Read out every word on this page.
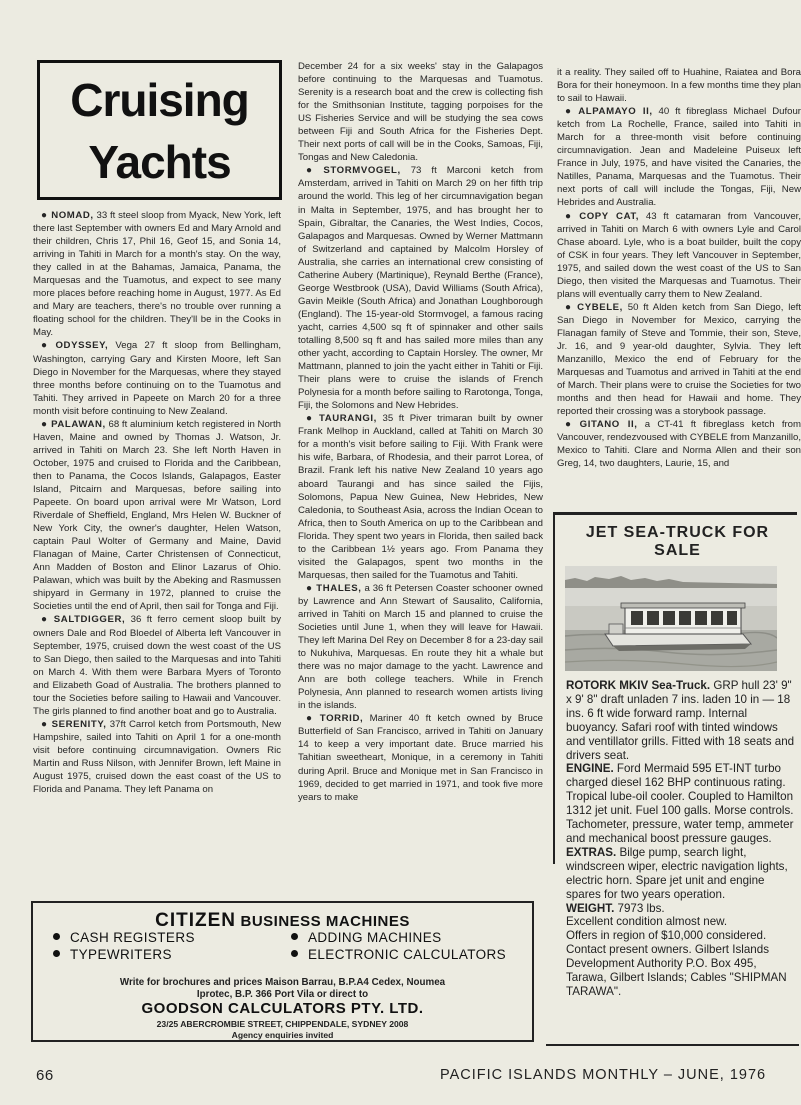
Cruising
Yachts

● NOMAD, 33 ft steel sloop from Myack, New York, left there last September with owners Ed and Mary Arnold and their children, Chris 17, Phil 16, Geof 15, and Sonia 14, arriving in Tahiti in March for a month's stay. On the way, they called in at the Bahamas, Jamaica, Panama, the Marquesas and the Tuamotus, and expect to see many more places before reaching home in August, 1977. As Ed and Mary are teachers, there's no trouble over running a floating school for the children. They'll be in the Cooks in May.

● ODYSSEY, Vega 27 ft sloop from Bellingham, Washington, carrying Gary and Kirsten Moore, left San Diego in November for the Marquesas, where they stayed three months before continuing on to the Tuamotus and Tahiti. They arrived in Papeete on March 20 for a three month visit before continuing to New Zealand.

● PALAWAN, 68 ft aluminium ketch registered in North Haven, Maine and owned by Thomas J. Watson, Jr. arrived in Tahiti on March 23. She left North Haven in October, 1975 and cruised to Florida and the Caribbean, then to Panama, the Cocos Islands, Galapagos, Easter Island, Pitcairn and Marquesas, before sailing into Papeete. On board upon arrival were Mr Watson, Lord Riverdale of Sheffield, England, Mrs Helen W. Buckner of New York City, the owner's daughter, Helen Watson, captain Paul Wolter of Germany and Maine, David Flanagan of Maine, Carter Christensen of Connecticut, Ann Madden of Boston and Elinor Lazarus of Ohio. Palawan, which was built by the Abeking and Rasmussen shipyard in Germany in 1972, planned to cruise the Societies until the end of April, then sail for Tonga and Fiji.

● SALTDIGGER, 36 ft ferro cement sloop built by owners Dale and Rod Bloedel of Alberta left Vancouver in September, 1975, cruised down the west coast of the US to San Diego, then sailed to the Marquesas and into Tahiti on March 4. With them were Barbara Myers of Toronto and Elizabeth Goad of Australia. The brothers planned to tour the Societies before sailing to Hawaii and Vancouver. The girls planned to find another boat and go to Australia.

● SERENITY, 37ft Carrol ketch from Portsmouth, New Hampshire, sailed into Tahiti on April 1 for a one-month visit before continuing circumnavigation. Owners Ric Martin and Russ Nilson, with Jennifer Brown, left Maine in August 1975, cruised down the east coast of the US to Florida and Panama. They left Panama on

December 24 for a six weeks' stay in the Galapagos before continuing to the Marquesas and Tuamotus. Serenity is a research boat and the crew is collecting fish for the Smithsonian Institute, tagging porpoises for the US Fisheries Service and will be studying the sea cows between Fiji and South Africa for the Fisheries Dept. Their next ports of call will be in the Cooks, Samoas, Fiji, Tongas and New Caledonia.

● STORMVOGEL, 73 ft Marconi ketch from Amsterdam, arrived in Tahiti on March 29 on her fifth trip around the world. This leg of her circumnavigation began in Malta in September, 1975, and has brought her to Spain, Gibraltar, the Canaries, the West Indies, Cocos, Galapagos and Marquesas. Owned by Werner Mattmann of Switzerland and captained by Malcolm Horsley of Australia, she carries an international crew consisting of Catherine Aubery (Martinique), Reynald Berthe (France), George Westbrook (USA), David Williams (South Africa), Gavin Meikle (South Africa) and Jonathan Loughborough (England). The 15-year-old Stormvogel, a famous racing yacht, carries 4,500 sq ft of spinnaker and other sails totalling 8,500 sq ft and has sailed more miles than any other yacht, according to Captain Horsley. The owner, Mr Mattmann, planned to join the yacht either in Tahiti or Fiji. Their plans were to cruise the islands of French Polynesia for a month before sailing to Rarotonga, Tonga, Fiji, the Solomons and New Hebrides.

● TAURANGI, 35 ft Piver trimaran built by owner Frank Melhop in Auckland, called at Tahiti on March 30 for a month's visit before sailing to Fiji. With Frank were his wife, Barbara, of Rhodesia, and their parrot Lorea, of Brazil. Frank left his native New Zealand 10 years ago aboard Taurangi and has since sailed the Fijis, Solomons, Papua New Guinea, New Hebrides, New Caledonia, to Southeast Asia, across the Indian Ocean to Africa, then to South America on up to the Caribbean and Florida. They spent two years in Florida, then sailed back to the Caribbean 1½ years ago. From Panama they visited the Galapagos, spent two months in the Marquesas, then sailed for the Tuamotus and Tahiti.

● THALES, a 36 ft Petersen Coaster schooner owned by Lawrence and Ann Stewart of Sausalito, California, arrived in Tahiti on March 15 and planned to cruise the Societies until June 1, when they will leave for Hawaii. They left Marina Del Rey on December 8 for a 23-day sail to Nukuhiva, Marquesas. En route they hit a whale but there was no major damage to the yacht. Lawrence and Ann are both college teachers. While in French Polynesia, Ann planned to research women artists living in the islands.

● TORRID, Mariner 40 ft ketch owned by Bruce Butterfield of San Francisco, arrived in Tahiti on January 14 to keep a very important date. Bruce married his Tahitian sweetheart, Monique, in a ceremony in Tahiti during April. Bruce and Monique met in San Francisco in 1969, decided to get married in 1971, and took five more years to make

it a reality. They sailed off to Huahine, Raiatea and Bora Bora for their honeymoon. In a few months time they plan to sail to Hawaii.

● ALPAMAYO II, 40 ft fibreglass Michael Dufour ketch from La Rochelle, France, sailed into Tahiti in March for a three-month visit before continuing circumnavigation. Jean and Madeleine Puiseux left France in July, 1975, and have visited the Canaries, the Natilles, Panama, Marquesas and the Tuamotus. Their next ports of call will include the Tongas, Fiji, New Hebrides and Australia.

● COPY CAT, 43 ft catamaran from Vancouver, arrived in Tahiti on March 6 with owners Lyle and Carol Chase aboard. Lyle, who is a boat builder, built the copy of CSK in four years. They left Vancouver in September, 1975, and sailed down the west coast of the US to San Diego, then visited the Marquesas and Tuamotus. Their plans will eventually carry them to New Zealand.

● CYBELE, 50 ft Alden ketch from San Diego, left San Diego in November for Mexico, carrying the Flanagan family of Steve and Tommie, their son, Steve, Jr. 16, and 9 year-old daughter, Sylvia. They left Manzanillo, Mexico the end of February for the Marquesas and Tuamotus and arrived in Tahiti at the end of March. Their plans were to cruise the Societies for two months and then head for Hawaii and home. They reported their crossing was a storybook passage.

● GITANO II, a CT-41 ft fibreglass ketch from Vancouver, rendezvoused with CYBELE from Manzanillo, Mexico to Tahiti. Clare and Norma Allen and their son Greg, 14, two daughters, Laurie, 15, and

JET SEA-TRUCK FOR SALE
ROTORK MKIV Sea-Truck. GRP hull 23' 9" x 9' 8" draft unladen 7 ins. laden 10 in — 18 ins. 6 ft wide forward ramp. Internal buoyancy. Safari roof with tinted windows and ventillator grills. Fitted with 18 seats and drivers seat.
ENGINE. Ford Mermaid 595 ET-INT turbo charged diesel 162 BHP continuous rating. Tropical lube-oil cooler. Coupled to Hamilton 1312 jet unit. Fuel 100 galls. Morse controls. Tachometer, pressure, water temp, ammeter and mechanical boost pressure gauges.
EXTRAS. Bilge pump, search light, windscreen wiper, electric navigation lights, electric horn. Spare jet unit and engine spares for two years operation.
WEIGHT. 7973 lbs.
Excellent condition almost new.
Offers in region of $10,000 considered.
Contact present owners. Gilbert Islands Development Authority P.O. Box 495, Tarawa, Gilbert Islands; Cables "SHIPMAN TARAWA".
CITIZEN BUSINESS MACHINES
CASH REGISTERS
TYPEWRITERS
ADDING MACHINES
ELECTRONIC CALCULATORS
Write for brochures and prices Maison Barrau, B.P.A4 Cedex, Noumea
Iprotec, B.P. 366 Port Vila or direct to
GOODSON CALCULATORS PTY. LTD.
23/25 ABERCROMBIE STREET, CHIPPENDALE, SYDNEY 2008
Agency enquiries invited
66	PACIFIC ISLANDS MONTHLY – JUNE, 1976
